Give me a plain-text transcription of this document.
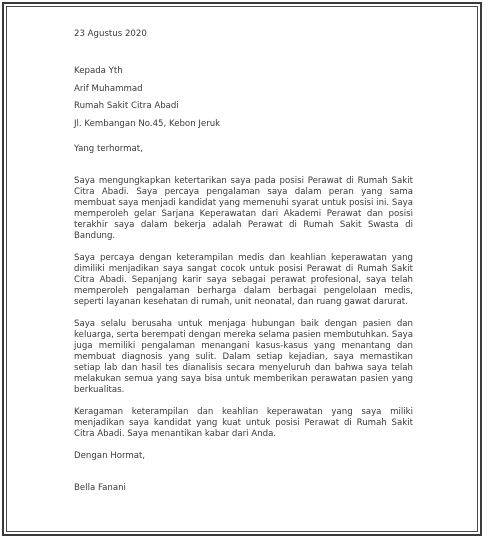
23 Agustus 2020
Kepada Yth
Arif Muhammad
Rumah Sakit Citra Abadi
Jl. Kembangan No.45, Kebon Jeruk
Yang terhormat,

Saya mengungkapkan ketertarikan saya pada posisi Perawat di Rumah Sakit Citra Abadi. Saya percaya pengalaman saya dalam peran yang sama membuat saya menjadi kandidat yang memenuhi syarat untuk posisi ini. Saya memperoleh gelar Sarjana Keperawatan dari Akademi Perawat dan posisi terakhir saya dalam bekerja adalah Perawat di Rumah Sakit Swasta di Bandung.

Saya percaya dengan keterampilan medis dan keahlian keperawatan yang dimiliki menjadikan saya sangat cocok untuk posisi Perawat di Rumah Sakit Citra Abadi. Sepanjang karir saya sebagai perawat profesional, saya telah memperoleh pengalaman berharga dalam berbagai pengelolaan medis, seperti layanan kesehatan di rumah, unit neonatal, dan ruang gawat darurat.

Saya selalu berusaha untuk menjaga hubungan baik dengan pasien dan keluarga, serta berempati dengan mereka selama pasien membutuhkan. Saya juga memiliki pengalaman menangani kasus-kasus yang menantang dan membuat diagnosis yang sulit. Dalam setiap kejadian, saya memastikan setiap lab dan hasil tes dianalisis secara menyeluruh dan bahwa saya telah melakukan semua yang saya bisa untuk memberikan perawatan pasien yang berkualitas.

Keragaman keterampilan dan keahlian keperawatan yang saya miliki menjadikan saya kandidat yang kuat untuk posisi Perawat di Rumah Sakit Citra Abadi. Saya menantikan kabar dari Anda.

Dengan Hormat,
Bella Fanani
